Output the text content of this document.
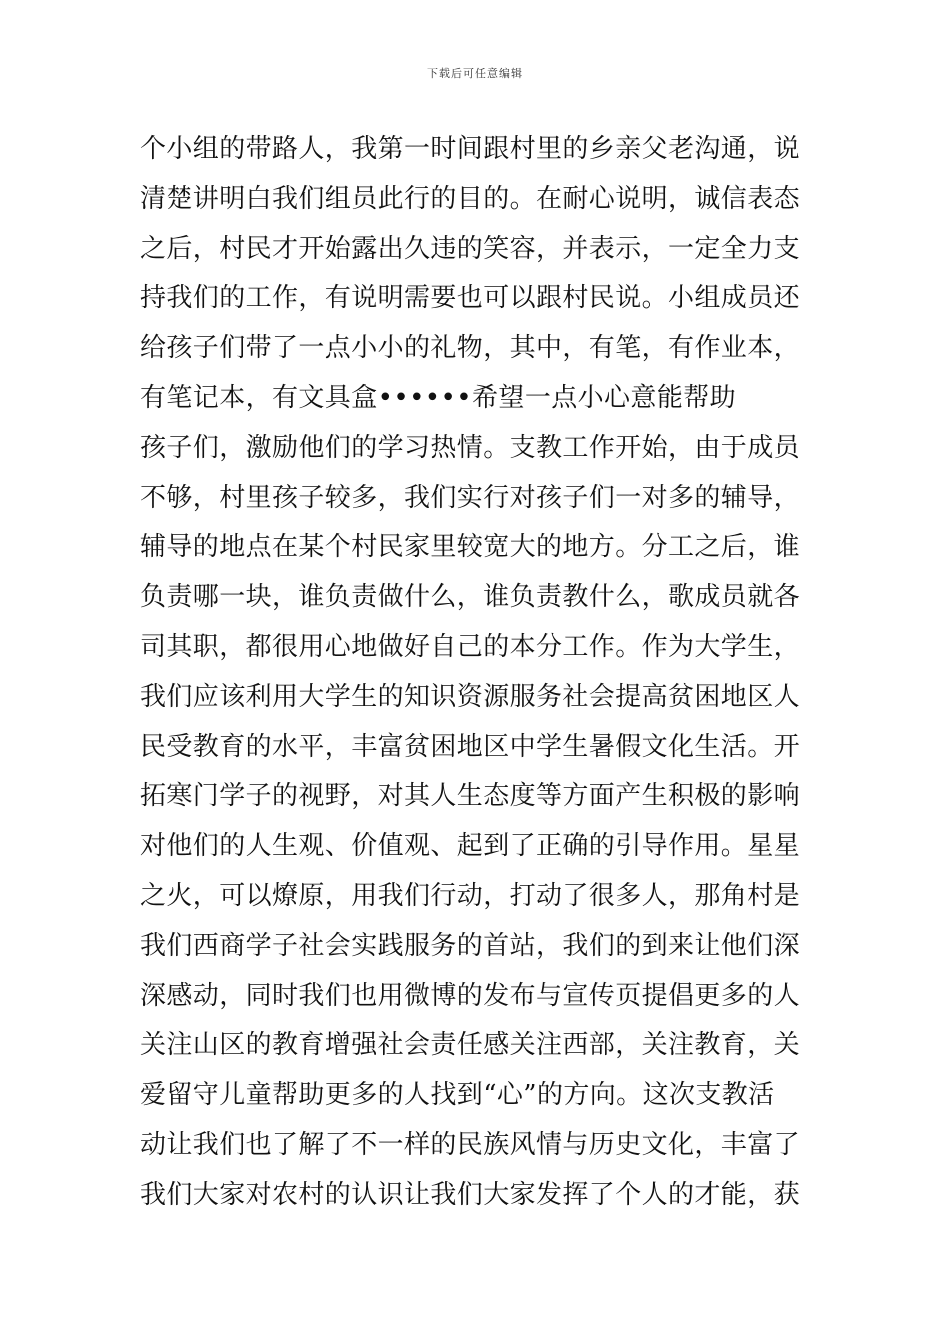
下载后可任意编辑
个小组的带路人，我第一时间跟村里的乡亲父老沟通，说
清楚讲明白我们组员此行的目的。在耐心说明，诚信表态
之后，村民才开始露出久违的笑容，并表示，一定全力支
持我们的工作，有说明需要也可以跟村民说。小组成员还
给孩子们带了一点小小的礼物，其中，有笔，有作业本，
有笔记本，有文具盒••••••希望一点小心意能帮助
孩子们，激励他们的学习热情。支教工作开始，由于成员
不够，村里孩子较多，我们实行对孩子们一对多的辅导，
辅导的地点在某个村民家里较宽大的地方。分工之后，谁
负责哪一块，谁负责做什么，谁负责教什么，歌成员就各
司其职，都很用心地做好自己的本分工作。作为大学生，
我们应该利用大学生的知识资源服务社会提高贫困地区人
民受教育的水平，丰富贫困地区中学生暑假文化生活。开
拓寒门学子的视野，对其人生态度等方面产生积极的影响
对他们的人生观、价值观、起到了正确的引导作用。星星
之火，可以燎原，用我们行动，打动了很多人，那角村是
我们西商学子社会实践服务的首站，我们的到来让他们深
深感动，同时我们也用微博的发布与宣传页提倡更多的人
关注山区的教育增强社会责任感关注西部，关注教育，关
爱留守儿童帮助更多的人找到“心”的方向。这次支教活
动让我们也了解了不一样的民族风情与历史文化，丰富了
我们大家对农村的认识让我们大家发挥了个人的才能，获
